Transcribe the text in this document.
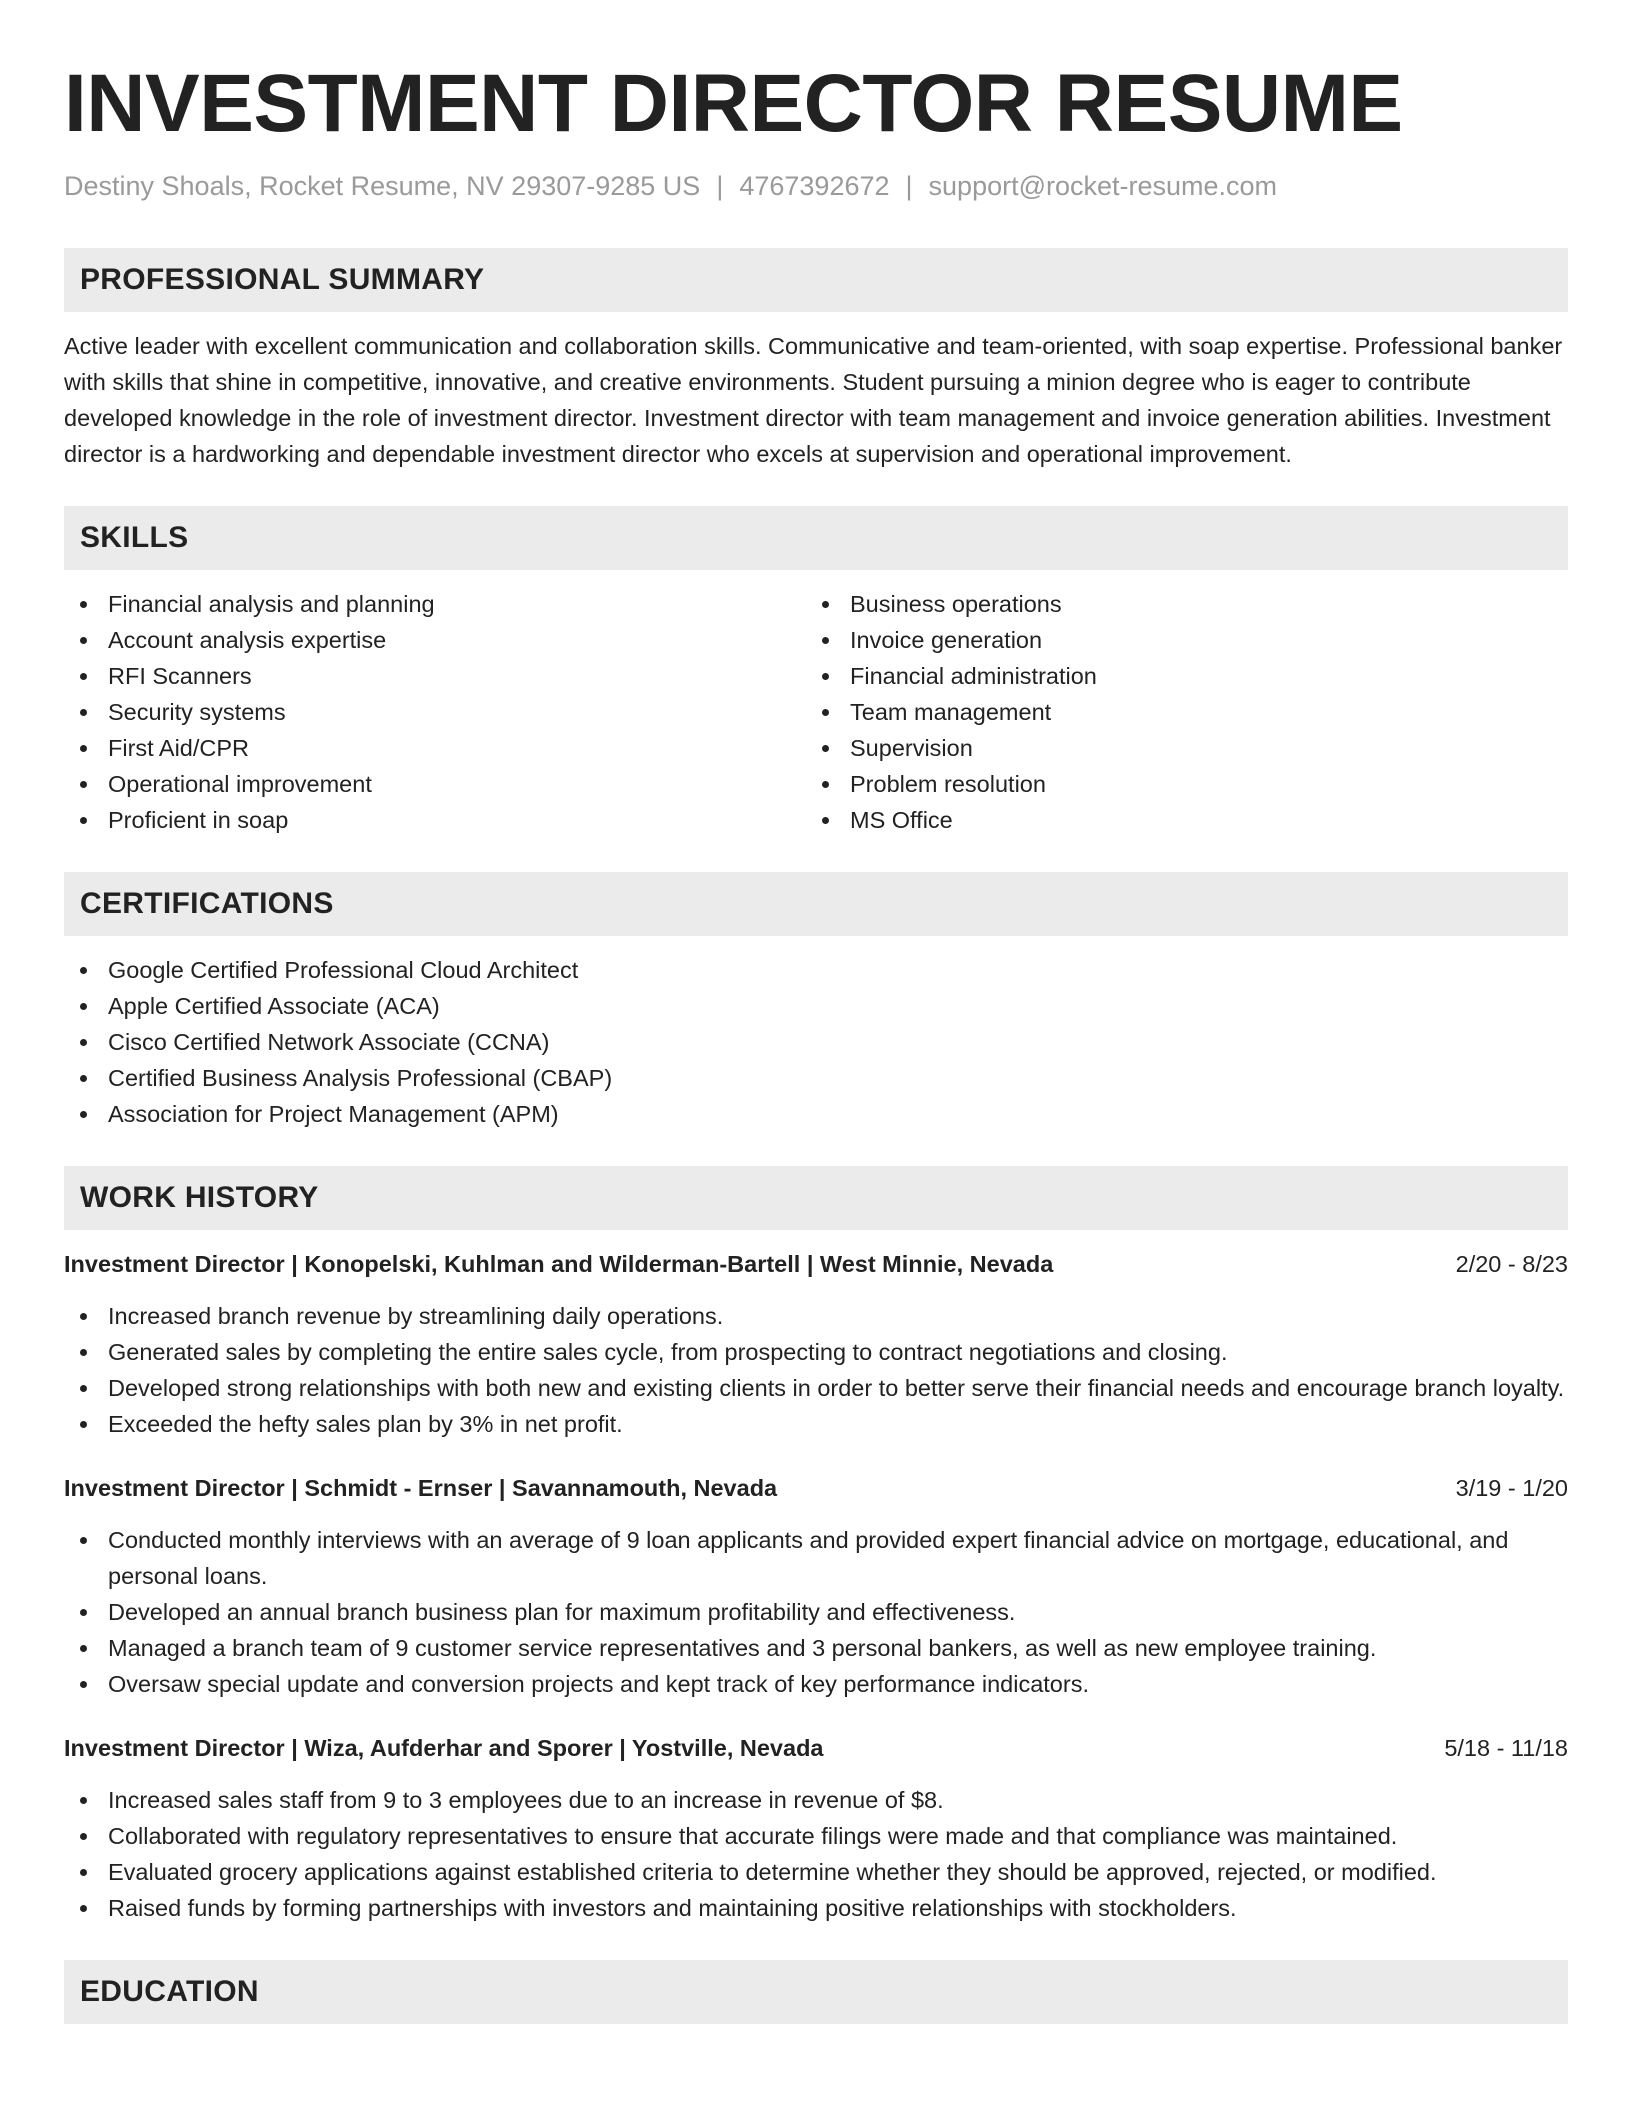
INVESTMENT DIRECTOR RESUME
Destiny Shoals, Rocket Resume, NV 29307-9285 US | 4767392672 | support@rocket-resume.com
PROFESSIONAL SUMMARY

Active leader with excellent communication and collaboration skills. Communicative and team-oriented, with soap expertise. Professional banker with skills that shine in competitive, innovative, and creative environments. Student pursuing a minion degree who is eager to contribute developed knowledge in the role of investment director. Investment director with team management and invoice generation abilities. Investment director is a hardworking and dependable investment director who excels at supervision and operational improvement.

SKILLS
Financial analysis and planning
Account analysis expertise
RFI Scanners
Security systems
First Aid/CPR
Operational improvement
Proficient in soap
Business operations
Invoice generation
Financial administration
Team management
Supervision
Problem resolution
MS Office
CERTIFICATIONS
Google Certified Professional Cloud Architect
Apple Certified Associate (ACA)
Cisco Certified Network Associate (CCNA)
Certified Business Analysis Professional (CBAP)
Association for Project Management (APM)
WORK HISTORY
Investment Director | Konopelski, Kuhlman and Wilderman-Bartell | West Minnie, Nevada	2/20 - 8/23
Increased branch revenue by streamlining daily operations.
Generated sales by completing the entire sales cycle, from prospecting to contract negotiations and closing.
Developed strong relationships with both new and existing clients in order to better serve their financial needs and encourage branch loyalty.
Exceeded the hefty sales plan by 3% in net profit.
Investment Director | Schmidt - Ernser | Savannamouth, Nevada	3/19 - 1/20
Conducted monthly interviews with an average of 9 loan applicants and provided expert financial advice on mortgage, educational, and personal loans.
Developed an annual branch business plan for maximum profitability and effectiveness.
Managed a branch team of 9 customer service representatives and 3 personal bankers, as well as new employee training.
Oversaw special update and conversion projects and kept track of key performance indicators.
Investment Director | Wiza, Aufderhar and Sporer | Yostville, Nevada	5/18 - 11/18
Increased sales staff from 9 to 3 employees due to an increase in revenue of $8.
Collaborated with regulatory representatives to ensure that accurate filings were made and that compliance was maintained.
Evaluated grocery applications against established criteria to determine whether they should be approved, rejected, or modified.
Raised funds by forming partnerships with investors and maintaining positive relationships with stockholders.
EDUCATION
